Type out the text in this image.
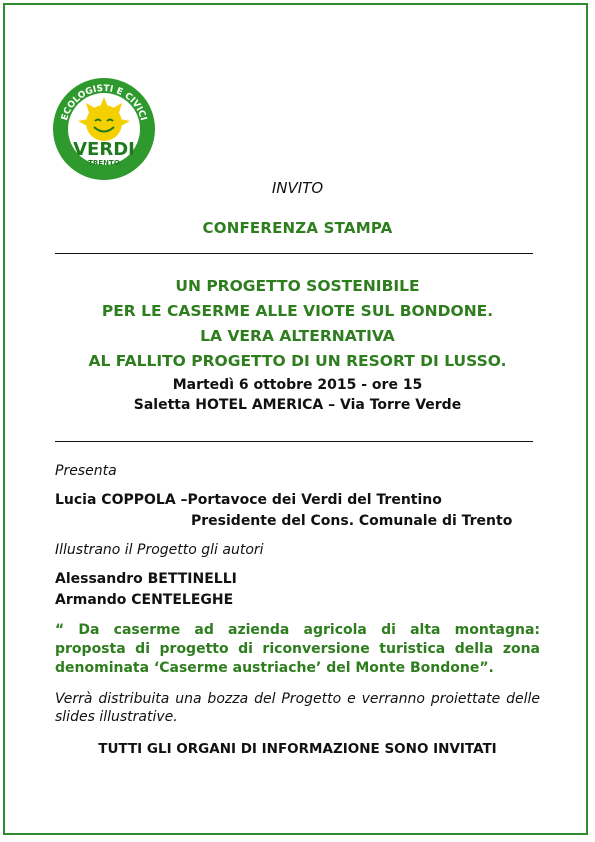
ECOLOGISTI E CIVICI
VERDI
TRENTO
INVITO
CONFERENZA STAMPA
UN PROGETTO SOSTENIBILE
PER LE CASERME ALLE VIOTE SUL BONDONE.
LA VERA ALTERNATIVA
AL FALLITO PROGETTO DI UN RESORT DI LUSSO.
Martedì 6 ottobre 2015 - ore 15
Saletta HOTEL AMERICA – Via Torre Verde
Presenta
Lucia COPPOLA –Portavoce dei Verdi del Trentino
Presidente del Cons. Comunale di Trento
Illustrano il Progetto gli autori
Alessandro BETTINELLI
Armando CENTELEGHE
“ Da caserme ad azienda agricola di alta montagna: proposta di progetto di riconversione turistica della zona denominata ‘Caserme austriache’ del Monte Bondone”.
Verrà distribuita una bozza del Progetto e verranno proiettate delle slides illustrative.
TUTTI GLI ORGANI DI INFORMAZIONE SONO INVITATI
